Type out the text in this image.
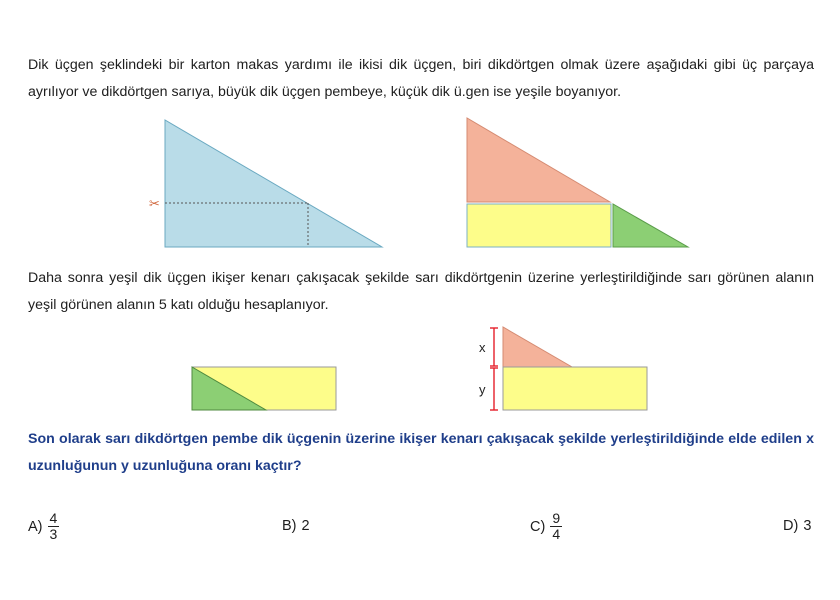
Dik üçgen şeklindeki bir karton makas yardımı ile ikisi dik üçgen, biri dikdörtgen olmak üzere aşağıdaki gibi üç parçaya ayrılıyor ve dikdörtgen sarıya, büyük dik üçgen pembeye, küçük dik ü.gen ise yeşile boyanıyor.
✂
x
y
Daha sonra yeşil dik üçgen ikişer kenarı çakışacak şekilde sarı dikdörtgenin üzerine yerleştirildiğinde sarı görünen alanın yeşil görünen alanın 5 katı olduğu hesaplanıyor.
Son olarak sarı dikdörtgen pembe dik üçgenin üzerine ikişer kenarı çakışacak şekilde yerleştirildiğinde elde edilen x uzunluğunun y uzunluğuna oranı kaçtır?
$A) \frac{4}{3}$	B) 2	$C) \frac{9}{4}$	D) 3
